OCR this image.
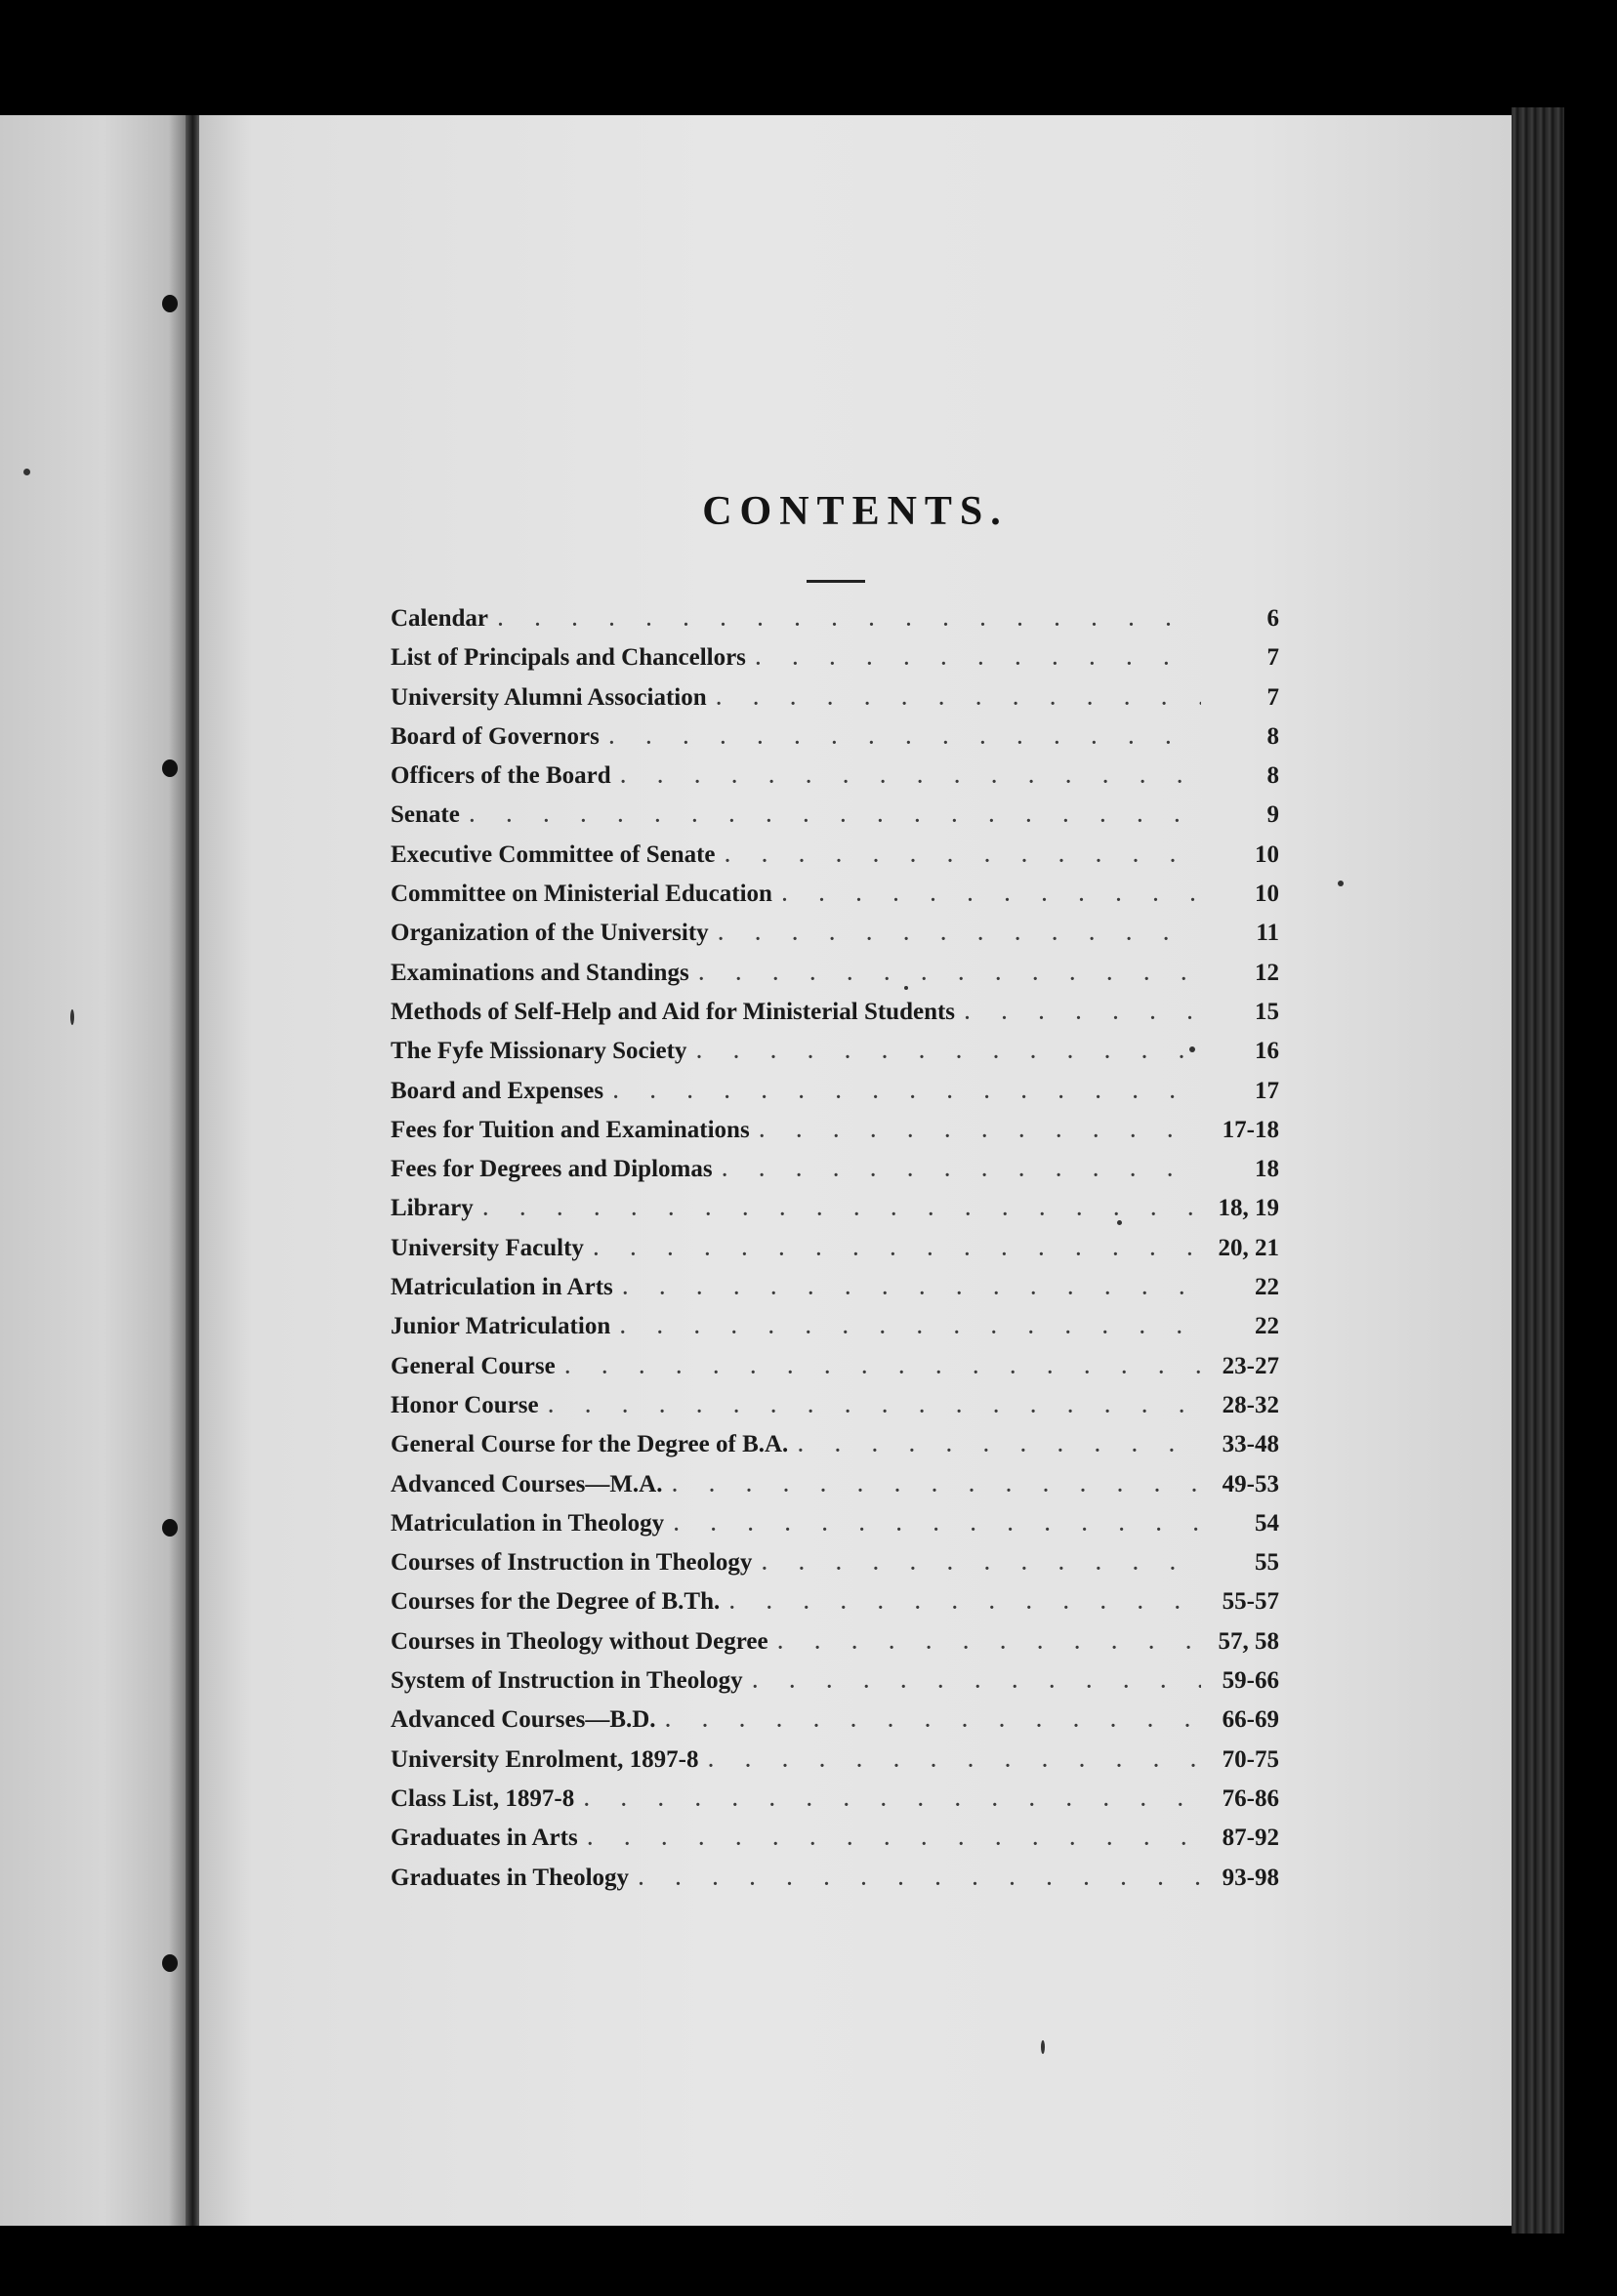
CONTENTS.
Calendar . . .	6
List of Principals and Chancellors . . .	7
University Alumni Association . . .	7
Board of Governors . . .	8
Officers of the Board . . .	8
Senate . . .	9
Executive Committee of Senate . . .	10
Committee on Ministerial Education . . .	10
Organization of the University . . .	11
Examinations and Standings . . .	12
Methods of Self-Help and Aid for Ministerial Students . . .	15
The Fyfe Missionary Society . . .	16
Board and Expenses . . .	17
Fees for Tuition and Examinations . . .	17-18
Fees for Degrees and Diplomas . . .	18
Library . . .	18, 19
University Faculty . . .	20, 21
Matriculation in Arts . . .	22
Junior Matriculation . . .	22
General Course . . .	23-27
Honor Course . . .	28-32
General Course for the Degree of B.A. . . .	33-48
Advanced Courses—M.A. . . .	49-53
Matriculation in Theology . . .	54
Courses of Instruction in Theology . . .	55
Courses for the Degree of B.Th. . . .	55-57
Courses in Theology without Degree . . .	57, 58
System of Instruction in Theology . . .	59-66
Advanced Courses—B.D. . . .	66-69
University Enrolment, 1897-8 . . .	70-75
Class List, 1897-8 . . .	76-86
Graduates in Arts . . .	87-92
Graduates in Theology . . .	93-98
